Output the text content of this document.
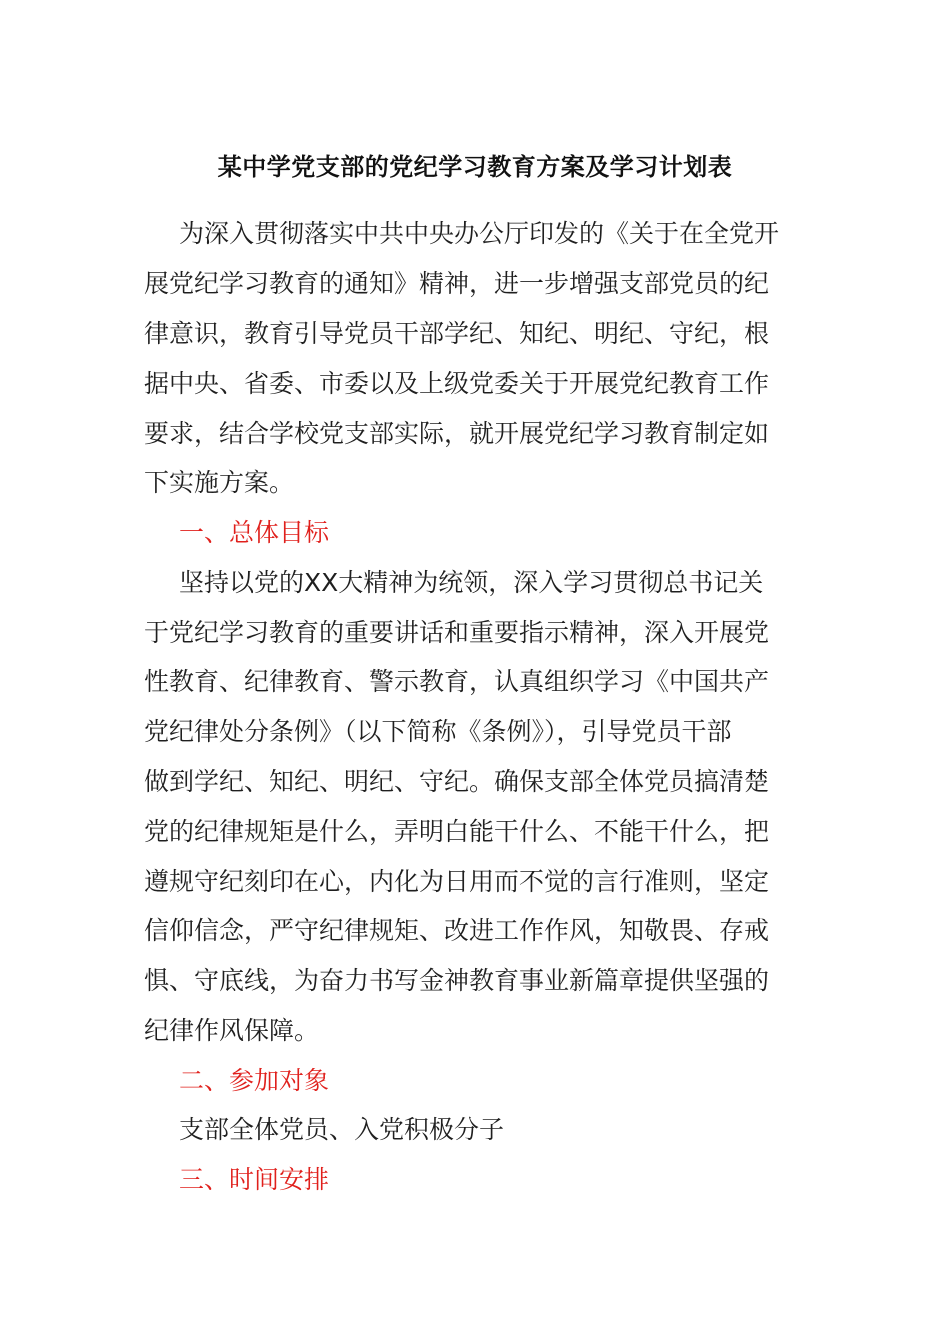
某中学党支部的党纪学习教育方案及学习计划表
为深入贯彻落实中共中央办公厅印发的《关于在全党开
展党纪学习教育的通知》精神，进一步增强支部党员的纪
律意识，教育引导党员干部学纪、知纪、明纪、守纪，根
据中央、省委、市委以及上级党委关于开展党纪教育工作
要求，结合学校党支部实际，就开展党纪学习教育制定如
下实施方案。
一、总体目标
坚持以党的XX大精神为统领，深入学习贯彻总书记关
于党纪学习教育的重要讲话和重要指示精神，深入开展党
性教育、纪律教育、警示教育，认真组织学习《中国共产
党纪律处分条例》（以下简称《条例》），引导党员干部
做到学纪、知纪、明纪、守纪。确保支部全体党员搞清楚
党的纪律规矩是什么，弄明白能干什么、不能干什么，把
遵规守纪刻印在心，内化为日用而不觉的言行准则，坚定
信仰信念，严守纪律规矩、改进工作作风，知敬畏、存戒
惧、守底线，为奋力书写金神教育事业新篇章提供坚强的
纪律作风保障。
二、参加对象
支部全体党员、入党积极分子
三、时间安排
